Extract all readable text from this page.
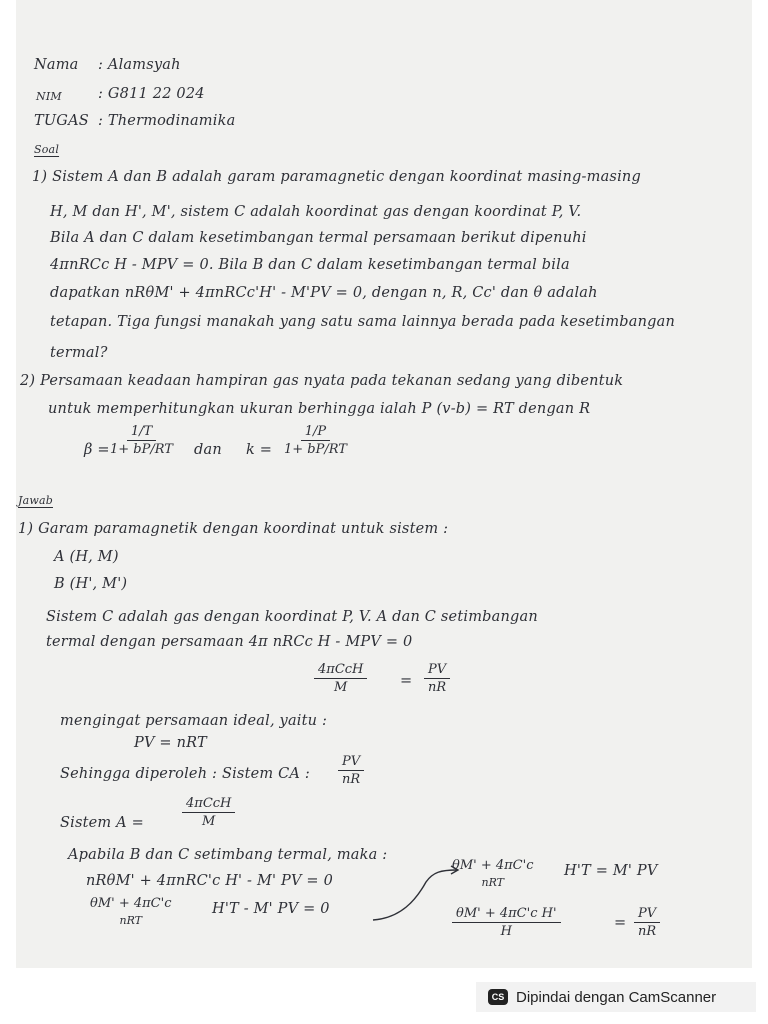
Nama : Alamsyah
NIM : G811 22 024
TUGAS : Thermodinamika
Soal
1) Sistem A dan B adalah garam paramagnetic dengan koordinat masing-masing
H, M dan H', M', sistem C adalah koordinat gas dengan koordinat P, V.
Bila A dan C dalam kesetimbangan termal persamaan berikut dipenuhi
4πnRCc H - MPV = 0. Bila B dan C dalam kesetimbangan termal bila
dapatkan nRθM' + 4πnRCc'H' - M'PV = 0, dengan n, R, Cc' dan θ adalah
tetapan. Tiga fungsi manakah yang satu sama lainnya berada pada kesetimbangan
termal?
2) Persamaan keadaan hampiran gas nyata pada tekanan sedang yang dibentuk
untuk memperhitungkan ukuran berhingga ialah P (v-b) = RT dengan R
$\beta = \frac{1/T}{1+ bP/RT}$ dan $k = \frac{1/P}{1+ bP/RT}$
Jawab
1) Garam paramagnetik dengan koordinat untuk sistem :
A (H, M)
B (H', M')
Sistem C adalah gas dengan koordinat P, V. A dan C setimbangan
termal dengan persamaan 4π nRCc H - MPV = 0
4πCcH
M	= $\frac{PV}{nR}$
mengingat persamaan ideal, yaitu :
PV = nRT
Sehingga diperoleh : Sistem CA : $\frac{PV}{nR}$
Sistem A =
4πCcH
M
Apabila B dan C setimbang termal, maka :
nRθM' + 4πnRC'c H' - M' PV = 0
θM' + 4πC'c
nRT
H'T - M' PV = 0
θM' + 4πC'c
nRT
H'T = M' PV
$\frac{\text{θM' + 4πC'c H'}}{H}$	= $\frac{PV}{nR}$
CS Dipindai dengan CamScanner
